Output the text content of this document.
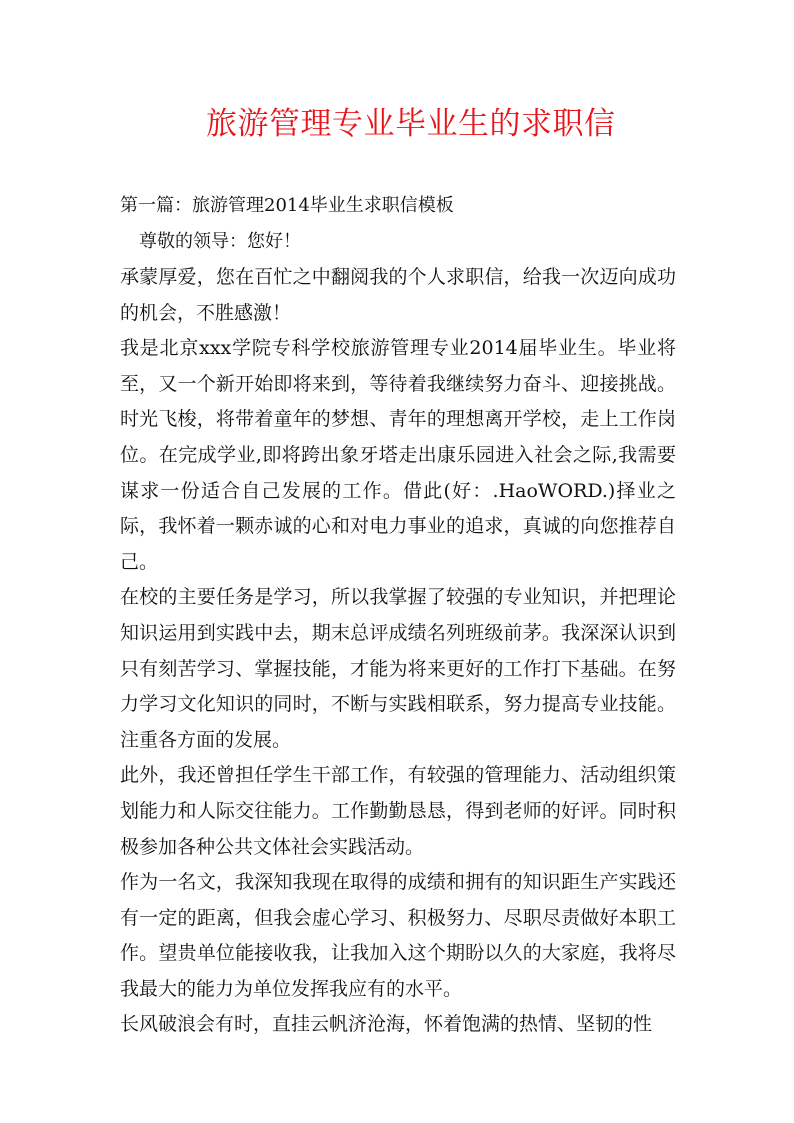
旅游管理专业毕业生的求职信

第一篇：旅游管理2014毕业生求职信模板

尊敬的领导：您好！

承蒙厚爱，您在百忙之中翻阅我的个人求职信，给我一次迈向成功的机会，不胜感激！

我是北京xxx学院专科学校旅游管理专业2014届毕业生。毕业将至，又一个新开始即将来到，等待着我继续努力奋斗、迎接挑战。时光飞梭，将带着童年的梦想、青年的理想离开学校，走上工作岗位。在完成学业,即将跨出象牙塔走出康乐园进入社会之际,我需要谋求一份适合自己发展的工作。借此(好：.HaoWORD.)择业之际，我怀着一颗赤诚的心和对电力事业的追求，真诚的向您推荐自己。

在校的主要任务是学习，所以我掌握了较强的专业知识，并把理论知识运用到实践中去，期末总评成绩名列班级前茅。我深深认识到只有刻苦学习、掌握技能，才能为将来更好的工作打下基础。在努力学习文化知识的同时，不断与实践相联系，努力提高专业技能。注重各方面的发展。

此外，我还曾担任学生干部工作，有较强的管理能力、活动组织策划能力和人际交往能力。工作勤勤恳恳，得到老师的好评。同时积极参加各种公共文体社会实践活动。

作为一名文，我深知我现在取得的成绩和拥有的知识距生产实践还有一定的距离，但我会虚心学习、积极努力、尽职尽责做好本职工作。望贵单位能接收我，让我加入这个期盼以久的大家庭，我将尽我最大的能力为单位发挥我应有的水平。

长风破浪会有时，直挂云帆济沧海，怀着饱满的热情、坚韧的性
